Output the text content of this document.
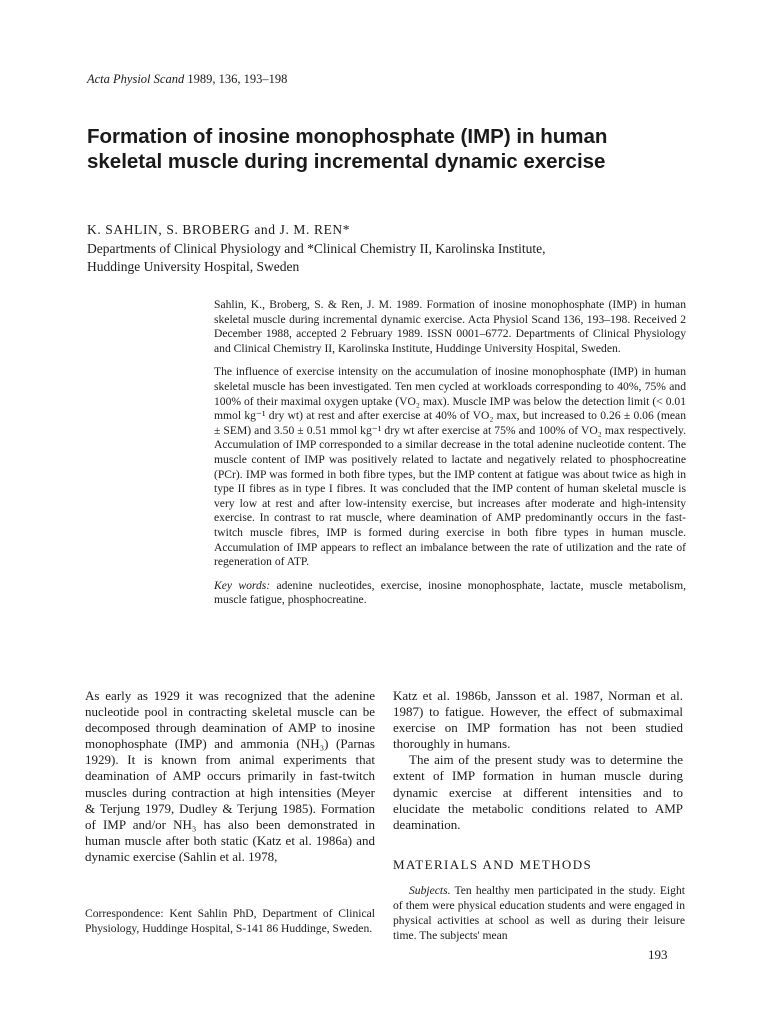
Acta Physiol Scand 1989, 136, 193–198
Formation of inosine monophosphate (IMP) in human skeletal muscle during incremental dynamic exercise
K. SAHLIN, S. BROBERG and J. M. REN*
Departments of Clinical Physiology and *Clinical Chemistry II, Karolinska Institute,
Huddinge University Hospital, Sweden

Sahlin, K., Broberg, S. & Ren, J. M. 1989. Formation of inosine monophosphate (IMP) in human skeletal muscle during incremental dynamic exercise. Acta Physiol Scand 136, 193–198. Received 2 December 1988, accepted 2 February 1989. ISSN 0001–6772. Departments of Clinical Physiology and Clinical Chemistry II, Karolinska Institute, Huddinge University Hospital, Sweden.

The influence of exercise intensity on the accumulation of inosine monophosphate (IMP) in human skeletal muscle has been investigated. Ten men cycled at workloads corresponding to 40%, 75% and 100% of their maximal oxygen uptake (VO₂ max). Muscle IMP was below the detection limit (< 0.01 mmol kg⁻¹ dry wt) at rest and after exercise at 40% of VO₂ max, but increased to 0.26 ± 0.06 (mean ± SEM) and 3.50 ± 0.51 mmol kg⁻¹ dry wt after exercise at 75% and 100% of VO₂ max respectively. Accumulation of IMP corresponded to a similar decrease in the total adenine nucleotide content. The muscle content of IMP was positively related to lactate and negatively related to phosphocreatine (PCr). IMP was formed in both fibre types, but the IMP content at fatigue was about twice as high in type II fibres as in type I fibres. It was concluded that the IMP content of human skeletal muscle is very low at rest and after low-intensity exercise, but increases after moderate and high-intensity exercise. In contrast to rat muscle, where deamination of AMP predominantly occurs in the fast-twitch muscle fibres, IMP is formed during exercise in both fibre types in human muscle. Accumulation of IMP appears to reflect an imbalance between the rate of utilization and the rate of regeneration of ATP.

Key words: adenine nucleotides, exercise, inosine monophosphate, lactate, muscle metabolism, muscle fatigue, phosphocreatine.

As early as 1929 it was recognized that the adenine nucleotide pool in contracting skeletal muscle can be decomposed through deamination of AMP to inosine monophosphate (IMP) and ammonia (NH₃) (Parnas 1929). It is known from animal experiments that deamination of AMP occurs primarily in fast-twitch muscles during contraction at high intensities (Meyer & Terjung 1979, Dudley & Terjung 1985). Formation of IMP and/or NH₃ has also been demonstrated in human muscle after both static (Katz et al. 1986a) and dynamic exercise (Sahlin et al. 1978,

Katz et al. 1986b, Jansson et al. 1987, Norman et al. 1987) to fatigue. However, the effect of submaximal exercise on IMP formation has not been studied thoroughly in humans.

The aim of the present study was to determine the extent of IMP formation in human muscle during dynamic exercise at different intensities and to elucidate the metabolic conditions related to AMP deamination.

MATERIALS AND METHODS

Subjects. Ten healthy men participated in the study. Eight of them were physical education students and were engaged in physical activities at school as well as during their leisure time. The subjects' mean

Correspondence: Kent Sahlin PhD, Department of Clinical Physiology, Huddinge Hospital, S-141 86 Huddinge, Sweden.

193
